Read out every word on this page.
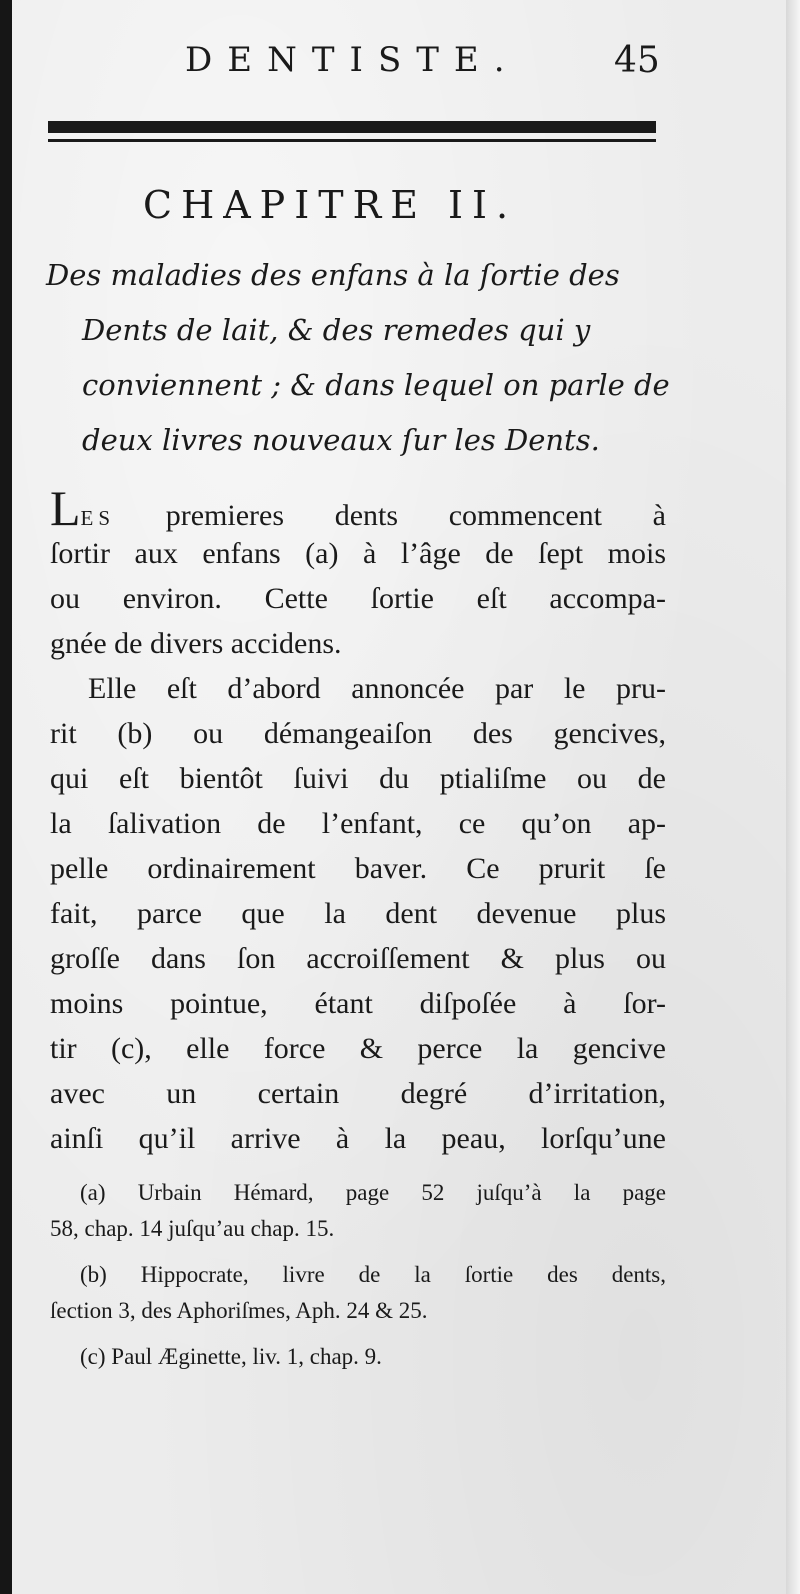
DENTISTE.	45
CHAPITRE II.
Des maladies des enfans à la ſortie des
Dents de lait, & des remedes qui y
conviennent ; & dans lequel on parle de
deux livres nouveaux ſur les Dents.
LES premieres dents commencent à
ſortir aux enfans (a) à l’âge de ſept mois
ou environ. Cette ſortie eſt accompa-
gnée de divers accidens.
Elle eſt d’abord annoncée par le pru-
rit (b) ou démangeaiſon des gencives,
qui eſt bientôt ſuivi du ptialiſme ou de
la ſalivation de l’enfant, ce qu’on ap-
pelle ordinairement baver. Ce prurit ſe
fait, parce que la dent devenue plus
groſſe dans ſon accroiſſement & plus ou
moins pointue, étant diſpoſée à ſor-
tir (c), elle force & perce la gencive
avec un certain degré d’irritation,
ainſi qu’il arrive à la peau, lorſqu’une
(a) Urbain Hémard, page 52 juſqu’à la page
58, chap. 14 juſqu’au chap. 15.
(b) Hippocrate, livre de la ſortie des dents,
ſection 3, des Aphoriſmes, Aph. 24 & 25.
(c) Paul Æginette, liv. 1, chap. 9.
